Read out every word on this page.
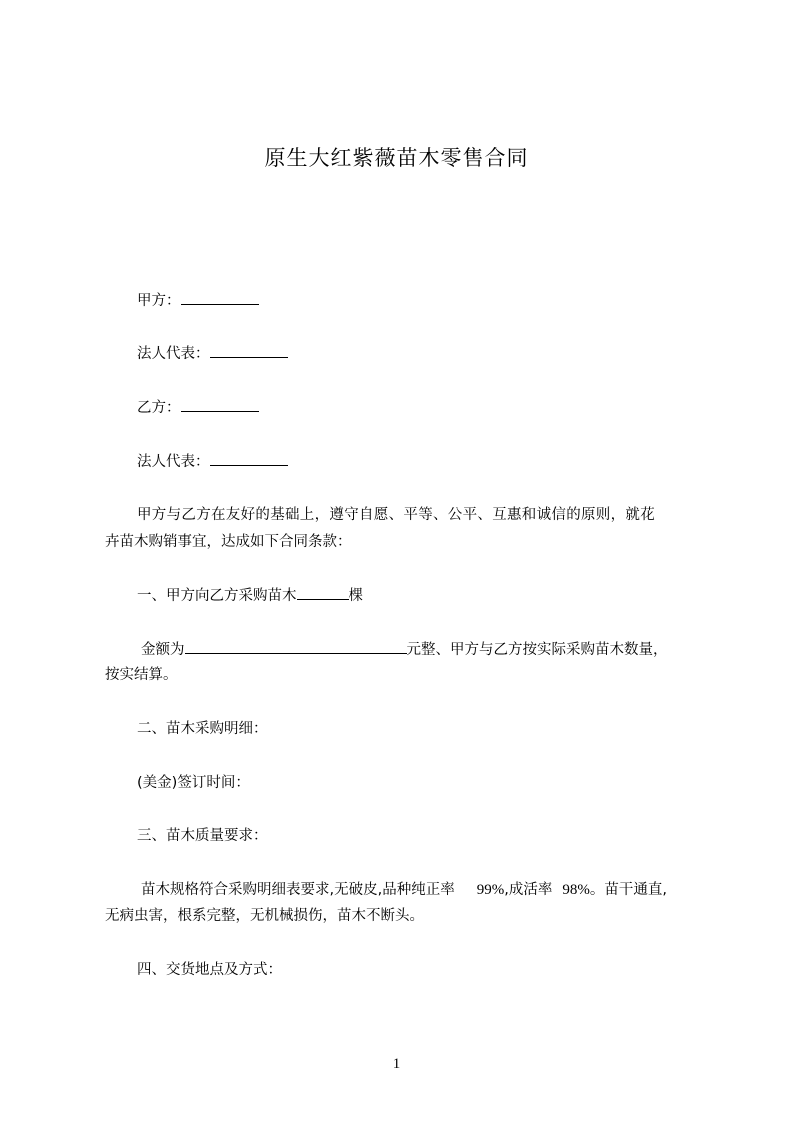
原生大红紫薇苗木零售合同
甲方：
法人代表：
乙方：
法人代表：
甲方与乙方在友好的基础上，遵守自愿、平等、公平、互惠和诚信的原则，就花
卉苗木购销事宜，达成如下合同条款：
一、甲方向乙方采购苗木	棵
金额为	元整、甲方与乙方按实际采购苗木数量，
按实结算。
二、苗木采购明细：
(美金)签订时间：
三、苗木质量要求：
苗木规格符合采购明细表要求,无破皮,品种纯正率 99%,成活率 98%。苗干通直,
无病虫害，根系完整，无机械损伤，苗木不断头。
四、交货地点及方式：
1
